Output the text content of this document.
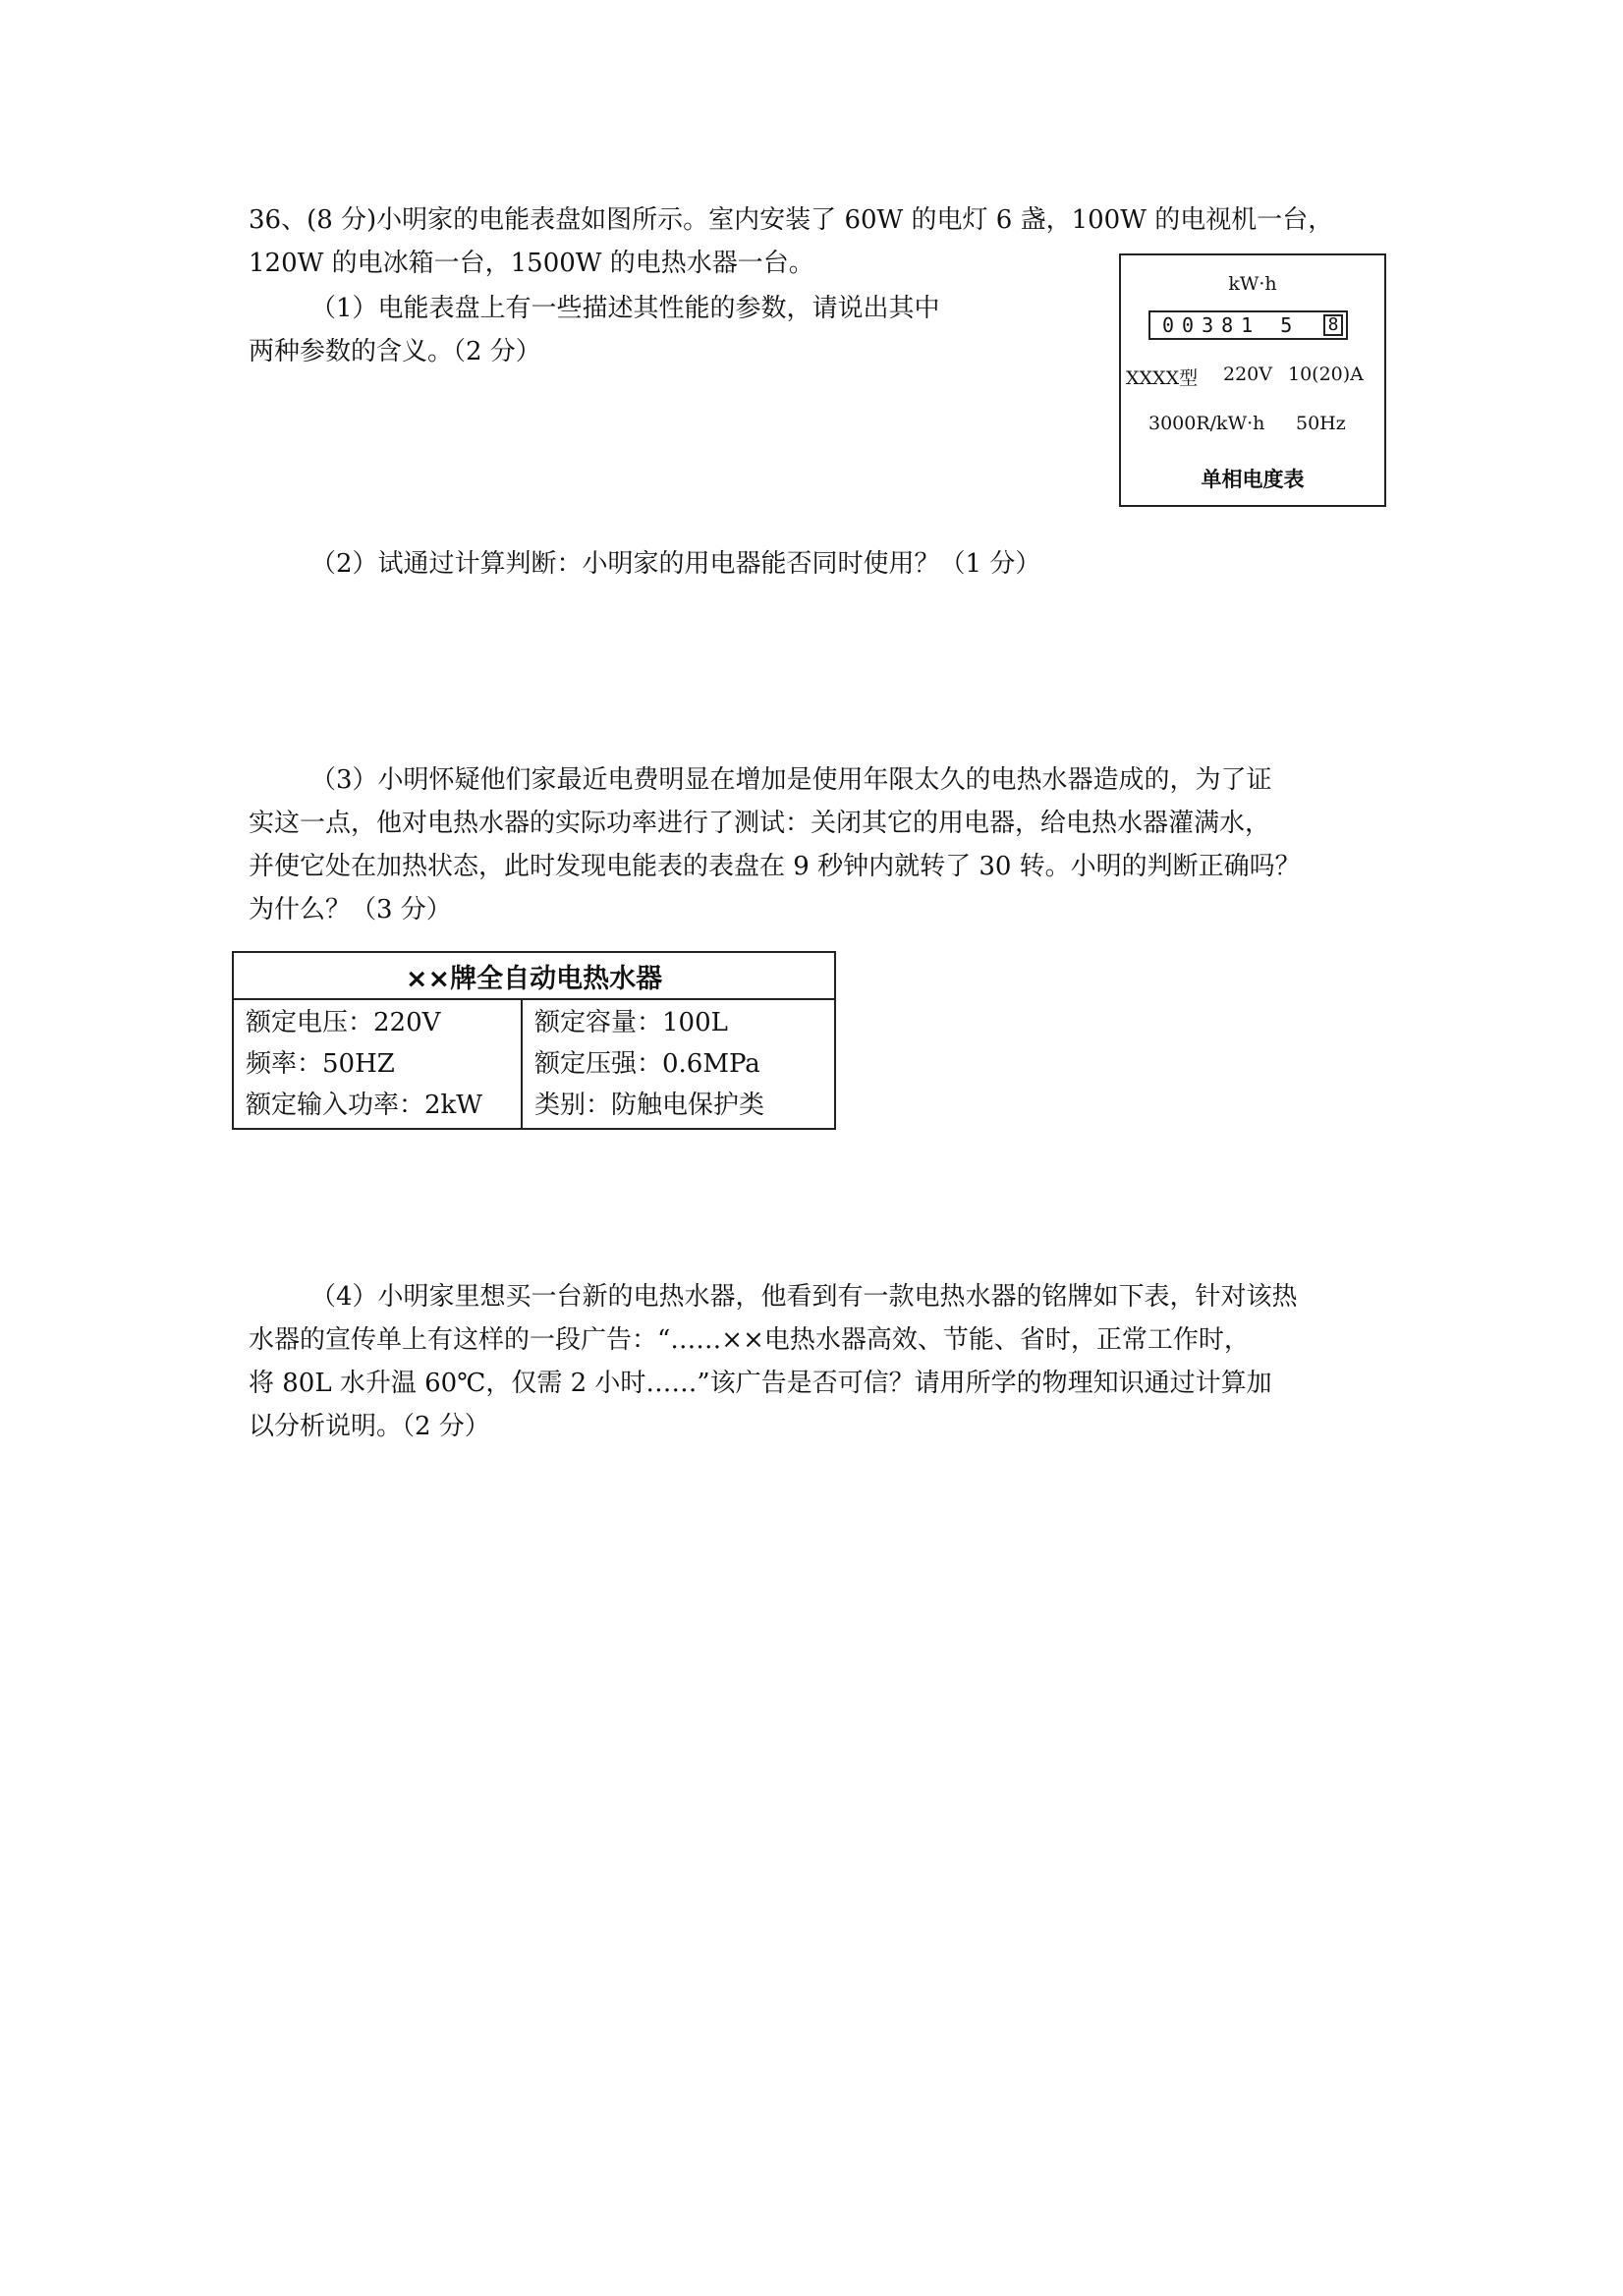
36、(8 分)小明家的电能表盘如图所示。室内安装了 60W 的电灯 6 盏，100W 的电视机一台，
120W 的电冰箱一台，1500W 的电热水器一台。
（1）电能表盘上有一些描述其性能的参数，请说出其中
两种参数的含义。（2 分）
kW·h
00381 5 8
XXXX型 220V 10(20)A
3000R/kW·h 50Hz
单相电度表
（2）试通过计算判断：小明家的用电器能否同时使用？（1 分）
（3）小明怀疑他们家最近电费明显在增加是使用年限太久的电热水器造成的，为了证
实这一点，他对电热水器的实际功率进行了测试：关闭其它的用电器，给电热水器灌满水，
并使它处在加热状态，此时发现电能表的表盘在 9 秒钟内就转了 30 转。小明的判断正确吗？
为什么？（3 分）
××牌全自动电热水器

额定电压：220V
频率：50HZ
额定输入功率：2kW

额定容量：100L
额定压强：0.6MPa
类别：防触电保护类
（4）小明家里想买一台新的电热水器，他看到有一款电热水器的铭牌如下表，针对该热
水器的宣传单上有这样的一段广告：“……××电热水器高效、节能、省时，正常工作时，
将 80L 水升温 60℃，仅需 2 小时……”该广告是否可信？请用所学的物理知识通过计算加
以分析说明。（2 分）
